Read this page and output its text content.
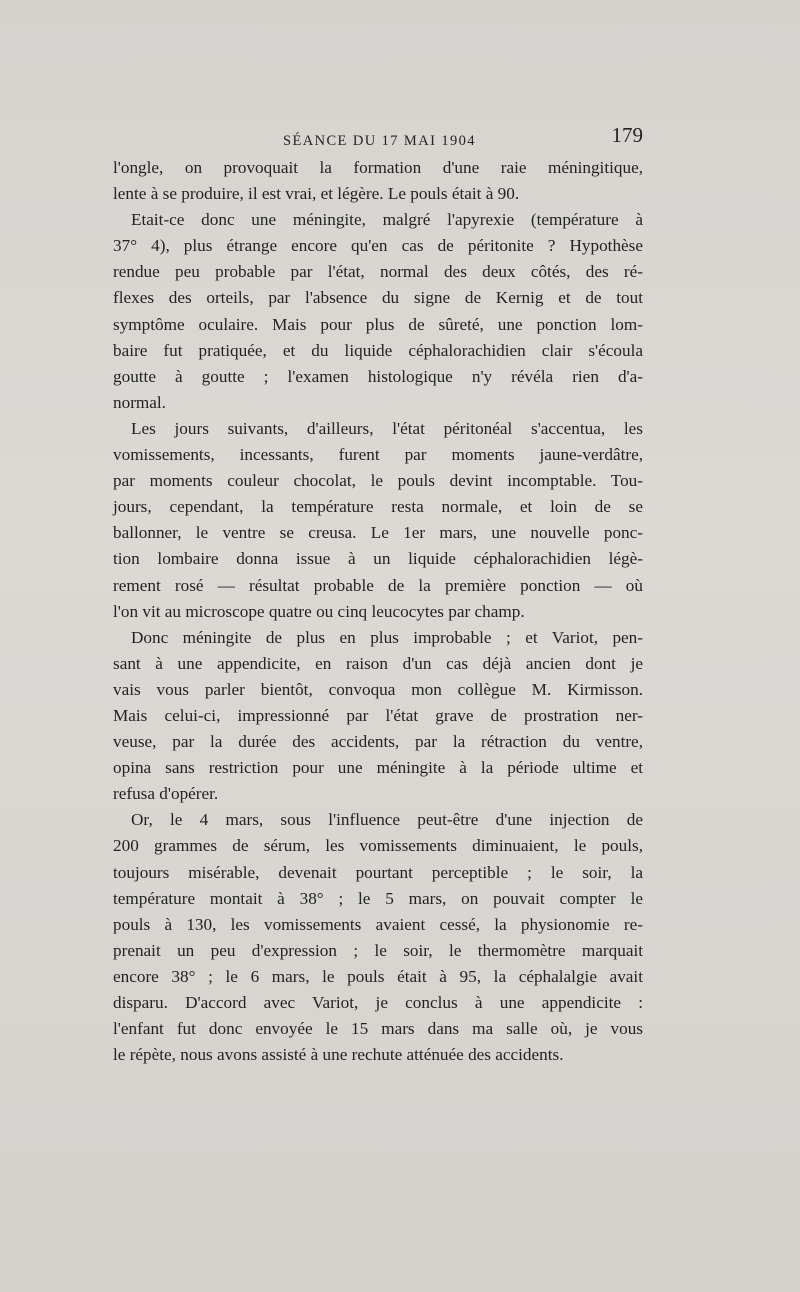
SÉANCE DU 17 MAI 1904	179
l'ongle, on provoquait la formation d'une raie méningitique,
lente à se produire, il est vrai, et légère. Le pouls était à 90.
Etait-ce donc une méningite, malgré l'apyrexie (température à
37° 4), plus étrange encore qu'en cas de péritonite ? Hypothèse
rendue peu probable par l'état, normal des deux côtés, des ré-
flexes des orteils, par l'absence du signe de Kernig et de tout
symptôme oculaire. Mais pour plus de sûreté, une ponction lom-
baire fut pratiquée, et du liquide céphalorachidien clair s'écoula
goutte à goutte ; l'examen histologique n'y révéla rien d'a-
normal.
Les jours suivants, d'ailleurs, l'état péritonéal s'accentua, les
vomissements, incessants, furent par moments jaune-verdâtre,
par moments couleur chocolat, le pouls devint incomptable. Tou-
jours, cependant, la température resta normale, et loin de se
ballonner, le ventre se creusa. Le 1er mars, une nouvelle ponc-
tion lombaire donna issue à un liquide céphalorachidien légè-
rement rosé — résultat probable de la première ponction — où
l'on vit au microscope quatre ou cinq leucocytes par champ.
Donc méningite de plus en plus improbable ; et Variot, pen-
sant à une appendicite, en raison d'un cas déjà ancien dont je
vais vous parler bientôt, convoqua mon collègue M. Kirmisson.
Mais celui-ci, impressionné par l'état grave de prostration ner-
veuse, par la durée des accidents, par la rétraction du ventre,
opina sans restriction pour une méningite à la période ultime et
refusa d'opérer.
Or, le 4 mars, sous l'influence peut-être d'une injection de
200 grammes de sérum, les vomissements diminuaient, le pouls,
toujours misérable, devenait pourtant perceptible ; le soir, la
température montait à 38° ; le 5 mars, on pouvait compter le
pouls à 130, les vomissements avaient cessé, la physionomie re-
prenait un peu d'expression ; le soir, le thermomètre marquait
encore 38° ; le 6 mars, le pouls était à 95, la céphalalgie avait
disparu. D'accord avec Variot, je conclus à une appendicite :
l'enfant fut donc envoyée le 15 mars dans ma salle où, je vous
le répète, nous avons assisté à une rechute atténuée des accidents.
